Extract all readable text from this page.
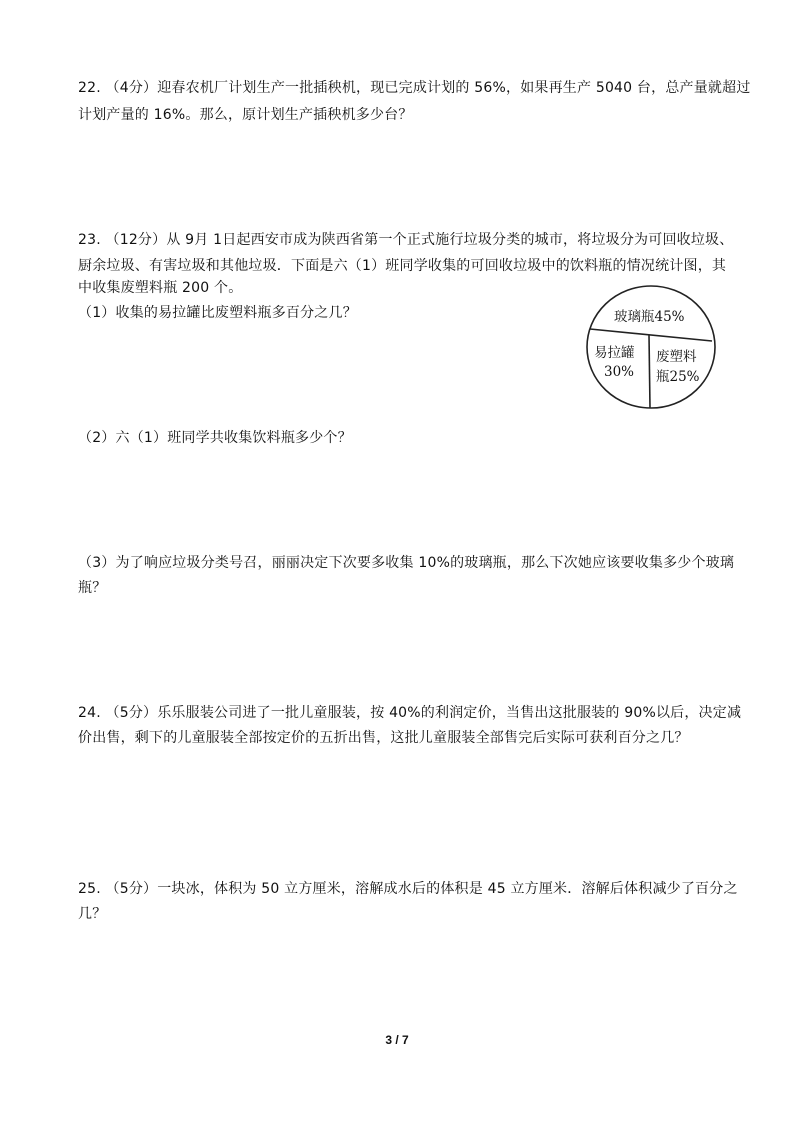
22. （4分）迎春农机厂计划生产一批插秧机，现已完成计划的 56%，如果再生产 5040 台，总产量就超过
计划产量的 16%。那么，原计划生产插秧机多少台？
23. （12分）从 9月 1日起西安市成为陕西省第一个正式施行垃圾分类的城市，将垃圾分为可回收垃圾、
厨余垃圾、有害垃圾和其他垃圾．下面是六（1）班同学收集的可回收垃圾中的饮料瓶的情况统计图，其
中收集废塑料瓶 200 个。
（1）收集的易拉罐比废塑料瓶多百分之几？	玻璃瓶45%
易拉罐
30%
废塑料
瓶25%
（2）六（1）班同学共收集饮料瓶多少个？
（3）为了响应垃圾分类号召，丽丽决定下次要多收集 10%的玻璃瓶，那么下次她应该要收集多少个玻璃
瓶？
24. （5分）乐乐服装公司进了一批儿童服装，按 40%的利润定价，当售出这批服装的 90%以后，决定减
价出售，剩下的儿童服装全部按定价的五折出售，这批儿童服装全部售完后实际可获利百分之几？
25. （5分）一块冰，体积为 50 立方厘米，溶解成水后的体积是 45 立方厘米．溶解后体积减少了百分之
几？
3 / 7
